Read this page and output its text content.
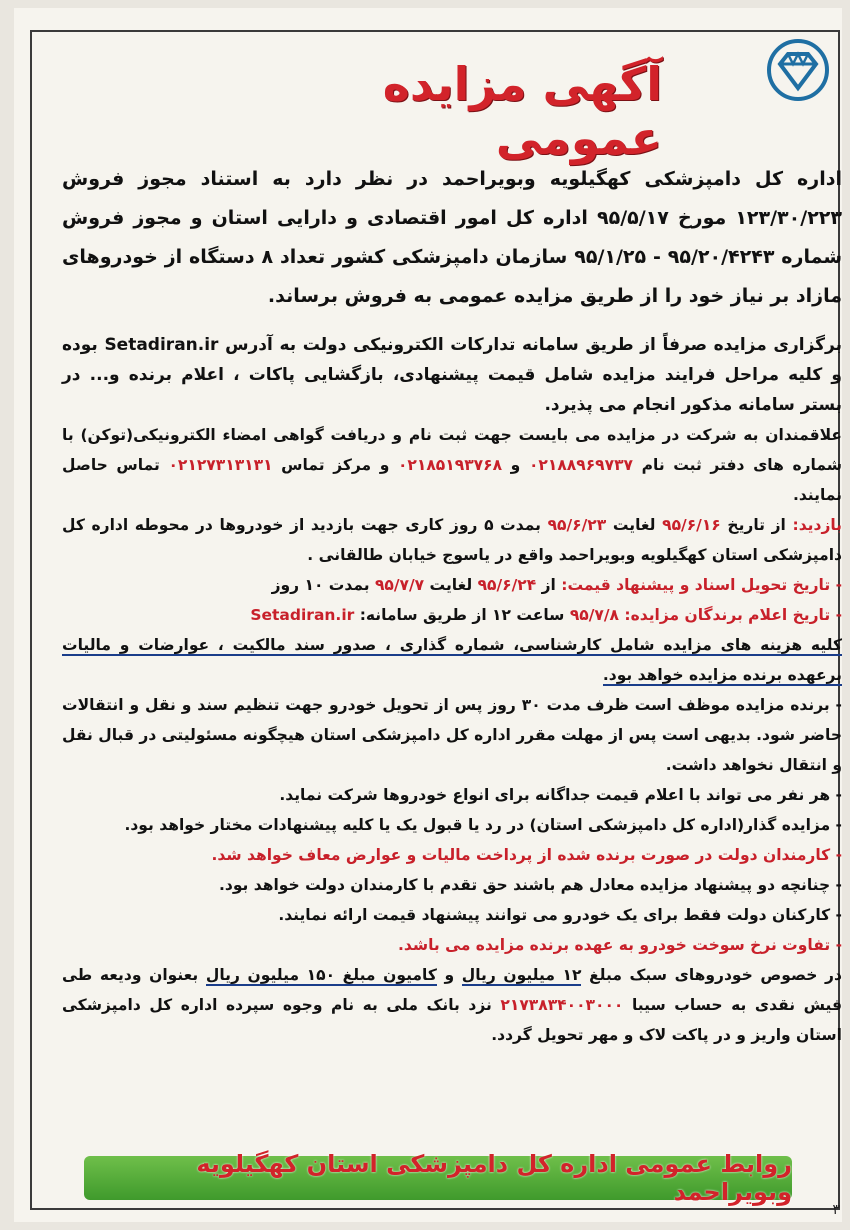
آگهی مزایده عمومی
اداره کل دامپزشکی کهگیلویه وبویراحمد در نظر دارد به استناد مجوز فروش ۱۲۳/۳۰/۲۲۳ مورخ ۹۵/۵/۱۷ اداره کل امور اقتصادی و دارایی استان و مجوز فروش شماره ۹۵/۲۰/۴۲۴۳ - ۹۵/۱/۲۵ سازمان دامپزشکی کشور تعداد ۸ دستگاه از خودروهای مازاد بر نیاز خود را از طریق مزایده عمومی به فروش برساند.
برگزاری مزایده صرفاً از طریق سامانه تدارکات الکترونیکی دولت به آدرس Setadiran.ir بوده و کلیه مراحل فرایند مزایده شامل قیمت پیشنهادی، بازگشایی پاکات ، اعلام برنده و... در بستر سامانه مذکور انجام می پذیرد.
علاقمندان به شرکت در مزایده می بایست جهت ثبت نام و دریافت گواهی امضاء الکترونیکی(توکن) با شماره های دفتر ثبت نام ۰۲۱۸۸۹۶۹۷۳۷ و ۰۲۱۸۵۱۹۳۷۶۸ و مرکز تماس ۰۲۱۲۷۳۱۳۱۳۱ تماس حاصل نمایند.
بازدید: از تاریخ ۹۵/۶/۱۶ لغایت ۹۵/۶/۲۳ بمدت ۵ روز کاری جهت بازدید از خودروها در محوطه اداره کل دامپزشکی استان کهگیلویه وبویراحمد واقع در یاسوج خیابان طالقانی .
- تاریخ تحویل اسناد و پیشنهاد قیمت: از ۹۵/۶/۲۴ لغایت ۹۵/۷/۷ بمدت ۱۰ روز
- تاریخ اعلام برندگان مزایده: ۹۵/۷/۸ ساعت ۱۲ از طریق سامانه: Setadiran.ir
کلیه هزینه های مزایده شامل کارشناسی، شماره گذاری ، صدور سند مالکیت ، عوارضات و مالیات برعهده برنده مزایده خواهد بود.
- برنده مزایده موظف است ظرف مدت ۳۰ روز پس از تحویل خودرو جهت تنظیم سند و نقل و انتقالات حاضر شود. بدیهی است پس از مهلت مقرر اداره کل دامپزشکی استان هیچگونه مسئولیتی در قبال نقل و انتقال نخواهد داشت.
- هر نفر می تواند با اعلام قیمت جداگانه برای انواع خودروها شرکت نماید.
- مزایده گذار(اداره کل دامپزشکی استان) در رد یا قبول یک یا کلیه پیشنهادات مختار خواهد بود.
- کارمندان دولت در صورت برنده شده از پرداخت مالیات و عوارض معاف خواهد شد.
- چنانچه دو پیشنهاد مزایده معادل هم باشند حق تقدم با کارمندان دولت خواهد بود.
- کارکنان دولت فقط برای یک خودرو می توانند پیشنهاد قیمت ارائه نمایند.
- تفاوت نرخ سوخت خودرو به عهده برنده مزایده می باشد.
در خصوص خودروهای سبک مبلغ ۱۲ میلیون ریال و کامیون مبلغ ۱۵۰ میلیون ریال بعنوان ودیعه طی فیش نقدی به حساب سیبا ۲۱۷۳۸۳۴۰۰۳۰۰۰ نزد بانک ملی به نام وجوه سپرده اداره کل دامپزشکی استان واریز و در پاکت لاک و مهر تحویل گردد.
روابط عمومی اداره کل دامپزشکی استان کهگیلویه وبویراحمد
۳
